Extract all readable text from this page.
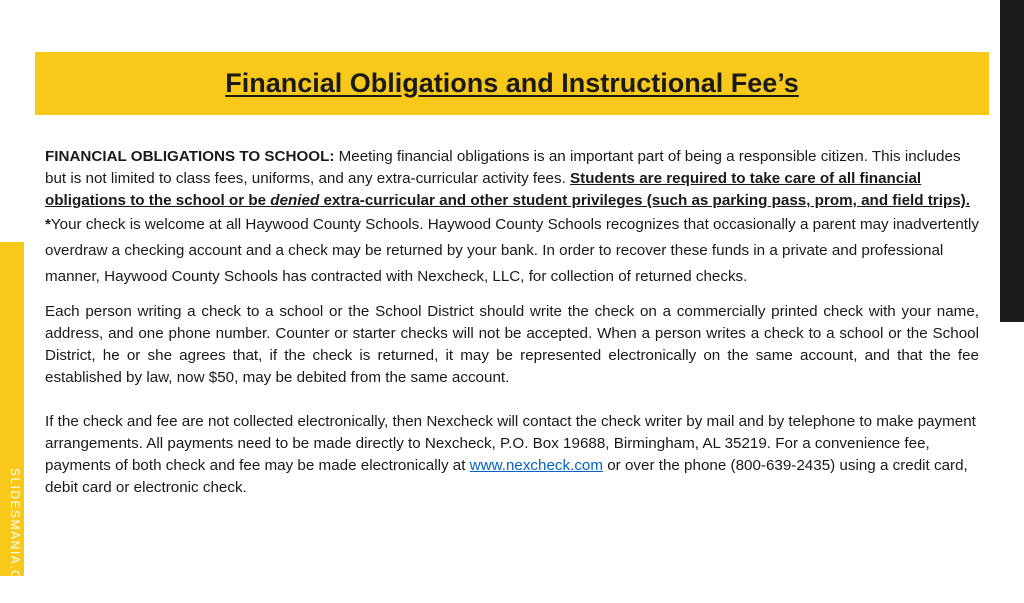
SLIDESMANIA.COM
Financial Obligations and Instructional Fee’s

FINANCIAL OBLIGATIONS TO SCHOOL: Meeting financial obligations is an important part of being a responsible citizen. This includes but is not limited to class fees, uniforms, and any extra-curricular activity fees. Students are required to take care of all financial obligations to the school or be denied extra-curricular and other student privileges (such as parking pass, prom, and field trips).

*Your check is welcome at all Haywood County Schools. Haywood County Schools recognizes that occasionally a parent may inadvertently overdraw a checking account and a check may be returned by your bank. In order to recover these funds in a private and professional manner, Haywood County Schools has contracted with Nexcheck, LLC, for collection of returned checks.

Each person writing a check to a school or the School District should write the check on a commercially printed check with your name, address, and one phone number. Counter or starter checks will not be accepted. When a person writes a check to a school or the School District, he or she agrees that, if the check is returned, it may be represented electronically on the same account, and that the fee established by law, now $50, may be debited from the same account.

If the check and fee are not collected electronically, then Nexcheck will contact the check writer by mail and by telephone to make payment arrangements. All payments need to be made directly to Nexcheck, P.O. Box 19688, Birmingham, AL 35219. For a convenience fee, payments of both check and fee may be made electronically at www.nexcheck.com or over the phone (800-639-2435) using a credit card, debit card or electronic check.
